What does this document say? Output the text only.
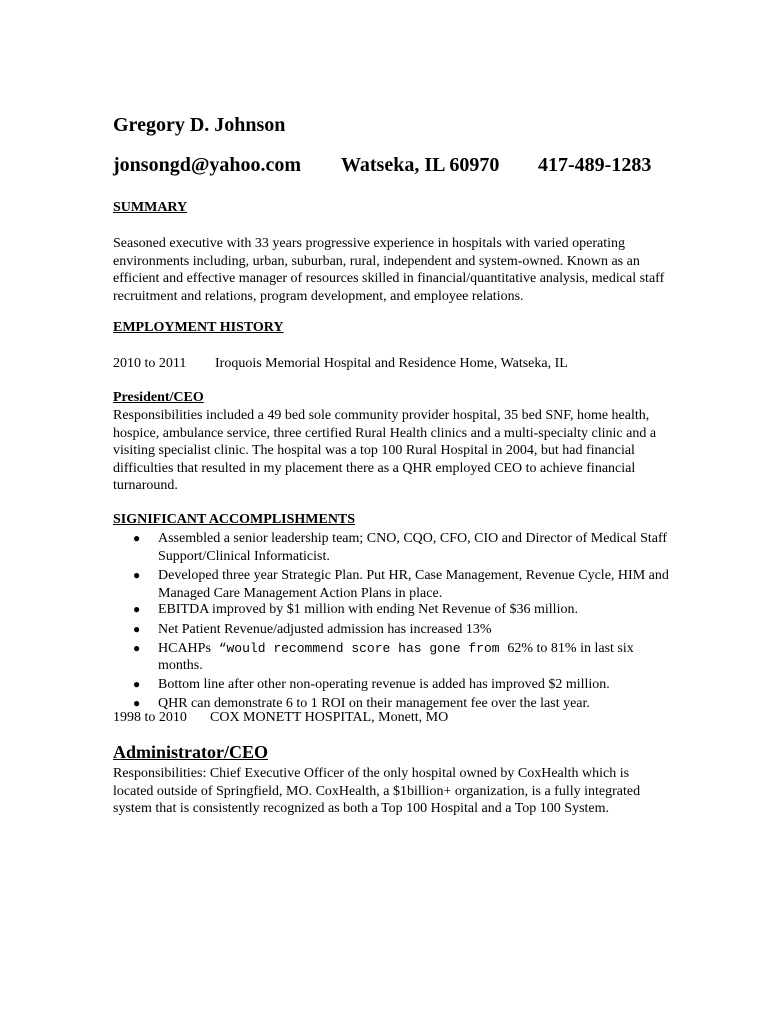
Gregory D. Johnson
jonsongd@yahoo.com Watseka, IL 60970 417-489-1283
SUMMARY
Seasoned executive with 33 years progressive experience in hospitals with varied operating environments including, urban, suburban, rural, independent and system-owned. Known as an efficient and effective manager of resources skilled in financial/quantitative analysis, medical staff recruitment and relations, program development, and employee relations.
EMPLOYMENT HISTORY
2010 to 2011 Iroquois Memorial Hospital and Residence Home, Watseka, IL
President/CEO
Responsibilities included a 49 bed sole community provider hospital, 35 bed SNF, home health, hospice, ambulance service, three certified Rural Health clinics and a multi-specialty clinic and a visiting specialist clinic. The hospital was a top 100 Rural Hospital in 2004, but had financial difficulties that resulted in my placement there as a QHR employed CEO to achieve financial turnaround.
SIGNIFICANT ACCOMPLISHMENTS
● Assembled a senior leadership team; CNO, CQO, CFO, CIO and Director of Medical Staff Support/Clinical Informaticist.
● Developed three year Strategic Plan. Put HR, Case Management, Revenue Cycle, HIM and Managed Care Management Action Plans in place.
● EBITDA improved by $1 million with ending Net Revenue of $36 million.
● Net Patient Revenue/adjusted admission has increased 13%
● HCAHPs “would recommend score has gone from 62% to 81% in last six months.
● Bottom line after other non-operating revenue is added has improved $2 million.
● QHR can demonstrate 6 to 1 ROI on their management fee over the last year.
1998 to 2010 COX MONETT HOSPITAL, Monett, MO
Administrator/CEO
Responsibilities: Chief Executive Officer of the only hospital owned by CoxHealth which is located outside of Springfield, MO. CoxHealth, a $1billion+ organization, is a fully integrated system that is consistently recognized as both a Top 100 Hospital and a Top 100 System.
